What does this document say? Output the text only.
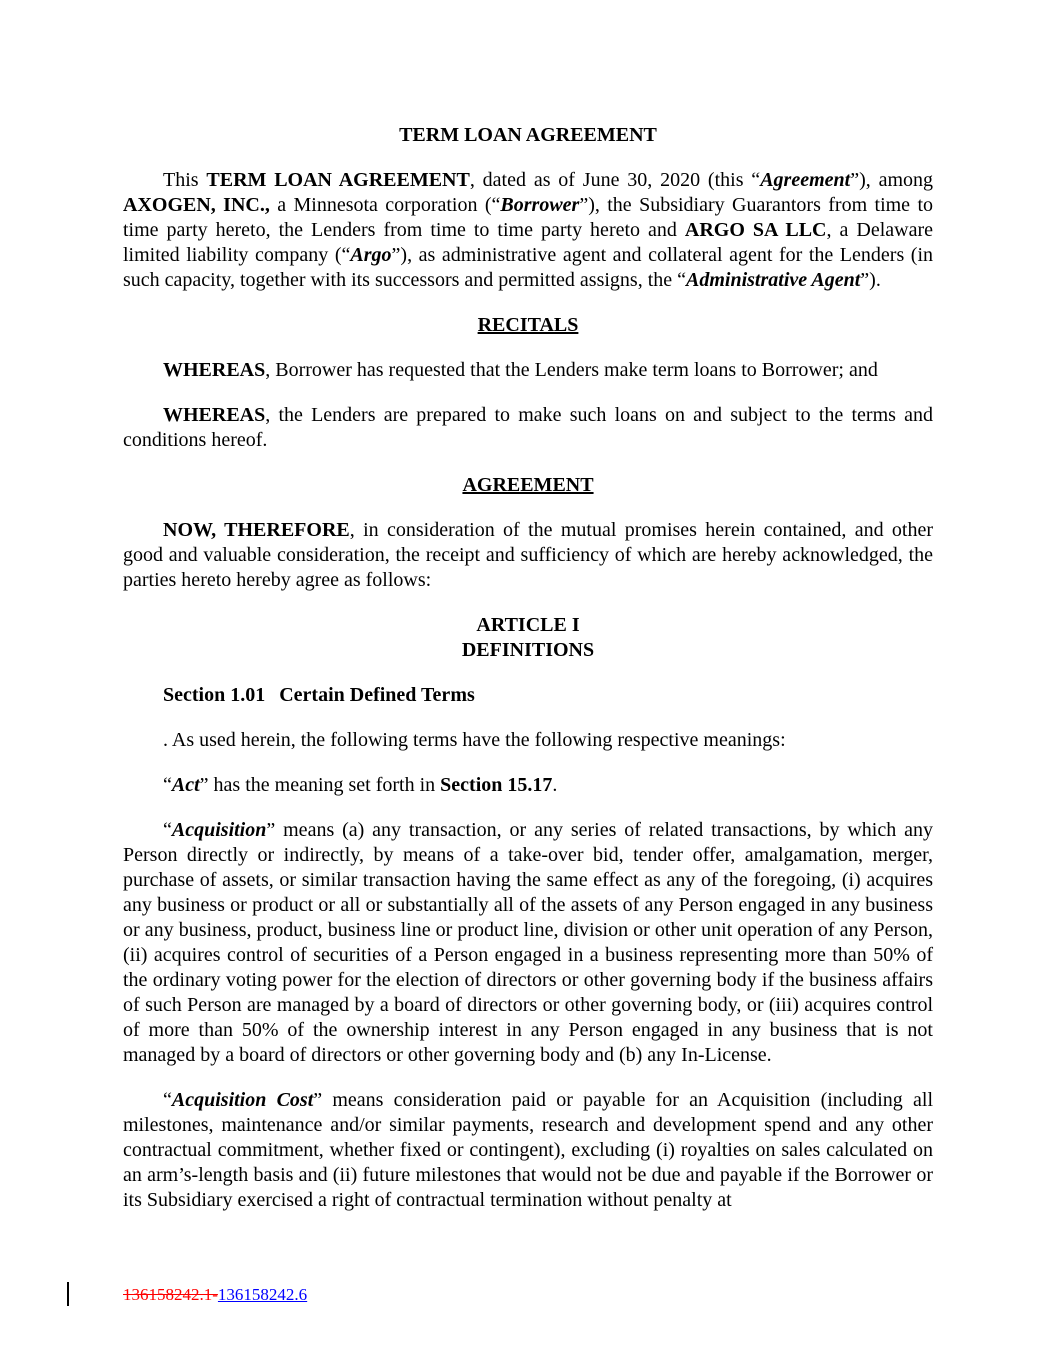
TERM LOAN AGREEMENT

This TERM LOAN AGREEMENT, dated as of June 30, 2020 (this “Agreement”), among AXOGEN, INC., a Minnesota corporation (“Borrower”), the Subsidiary Guarantors from time to time party hereto, the Lenders from time to time party hereto and ARGO SA LLC, a Delaware limited liability company (“Argo”), as administrative agent and collateral agent for the Lenders (in such capacity, together with its successors and permitted assigns, the “Administrative Agent”).

RECITALS

WHEREAS, Borrower has requested that the Lenders make term loans to Borrower; and

WHEREAS, the Lenders are prepared to make such loans on and subject to the terms and conditions hereof.

AGREEMENT

NOW, THEREFORE, in consideration of the mutual promises herein contained, and other good and valuable consideration, the receipt and sufficiency of which are hereby acknowledged, the parties hereto hereby agree as follows:

ARTICLE I
DEFINITIONS
Section 1.01 Certain Defined Terms

. As used herein, the following terms have the following respective meanings:

“Act” has the meaning set forth in Section 15.17.

“Acquisition” means (a) any transaction, or any series of related transactions, by which any Person directly or indirectly, by means of a take-over bid, tender offer, amalgamation, merger, purchase of assets, or similar transaction having the same effect as any of the foregoing, (i) acquires any business or product or all or substantially all of the assets of any Person engaged in any business or any business, product, business line or product line, division or other unit operation of any Person, (ii) acquires control of securities of a Person engaged in a business representing more than 50% of the ordinary voting power for the election of directors or other governing body if the business affairs of such Person are managed by a board of directors or other governing body, or (iii) acquires control of more than 50% of the ownership interest in any Person engaged in any business that is not managed by a board of directors or other governing body and (b) any In-License.

“Acquisition Cost” means consideration paid or payable for an Acquisition (including all milestones, maintenance and/or similar payments, research and development spend and any other contractual commitment, whether fixed or contingent), excluding (i) royalties on sales calculated on an arm’s-length basis and (ii) future milestones that would not be due and payable if the Borrower or its Subsidiary exercised a right of contractual termination without penalty at

136158242.1-136158242.6
